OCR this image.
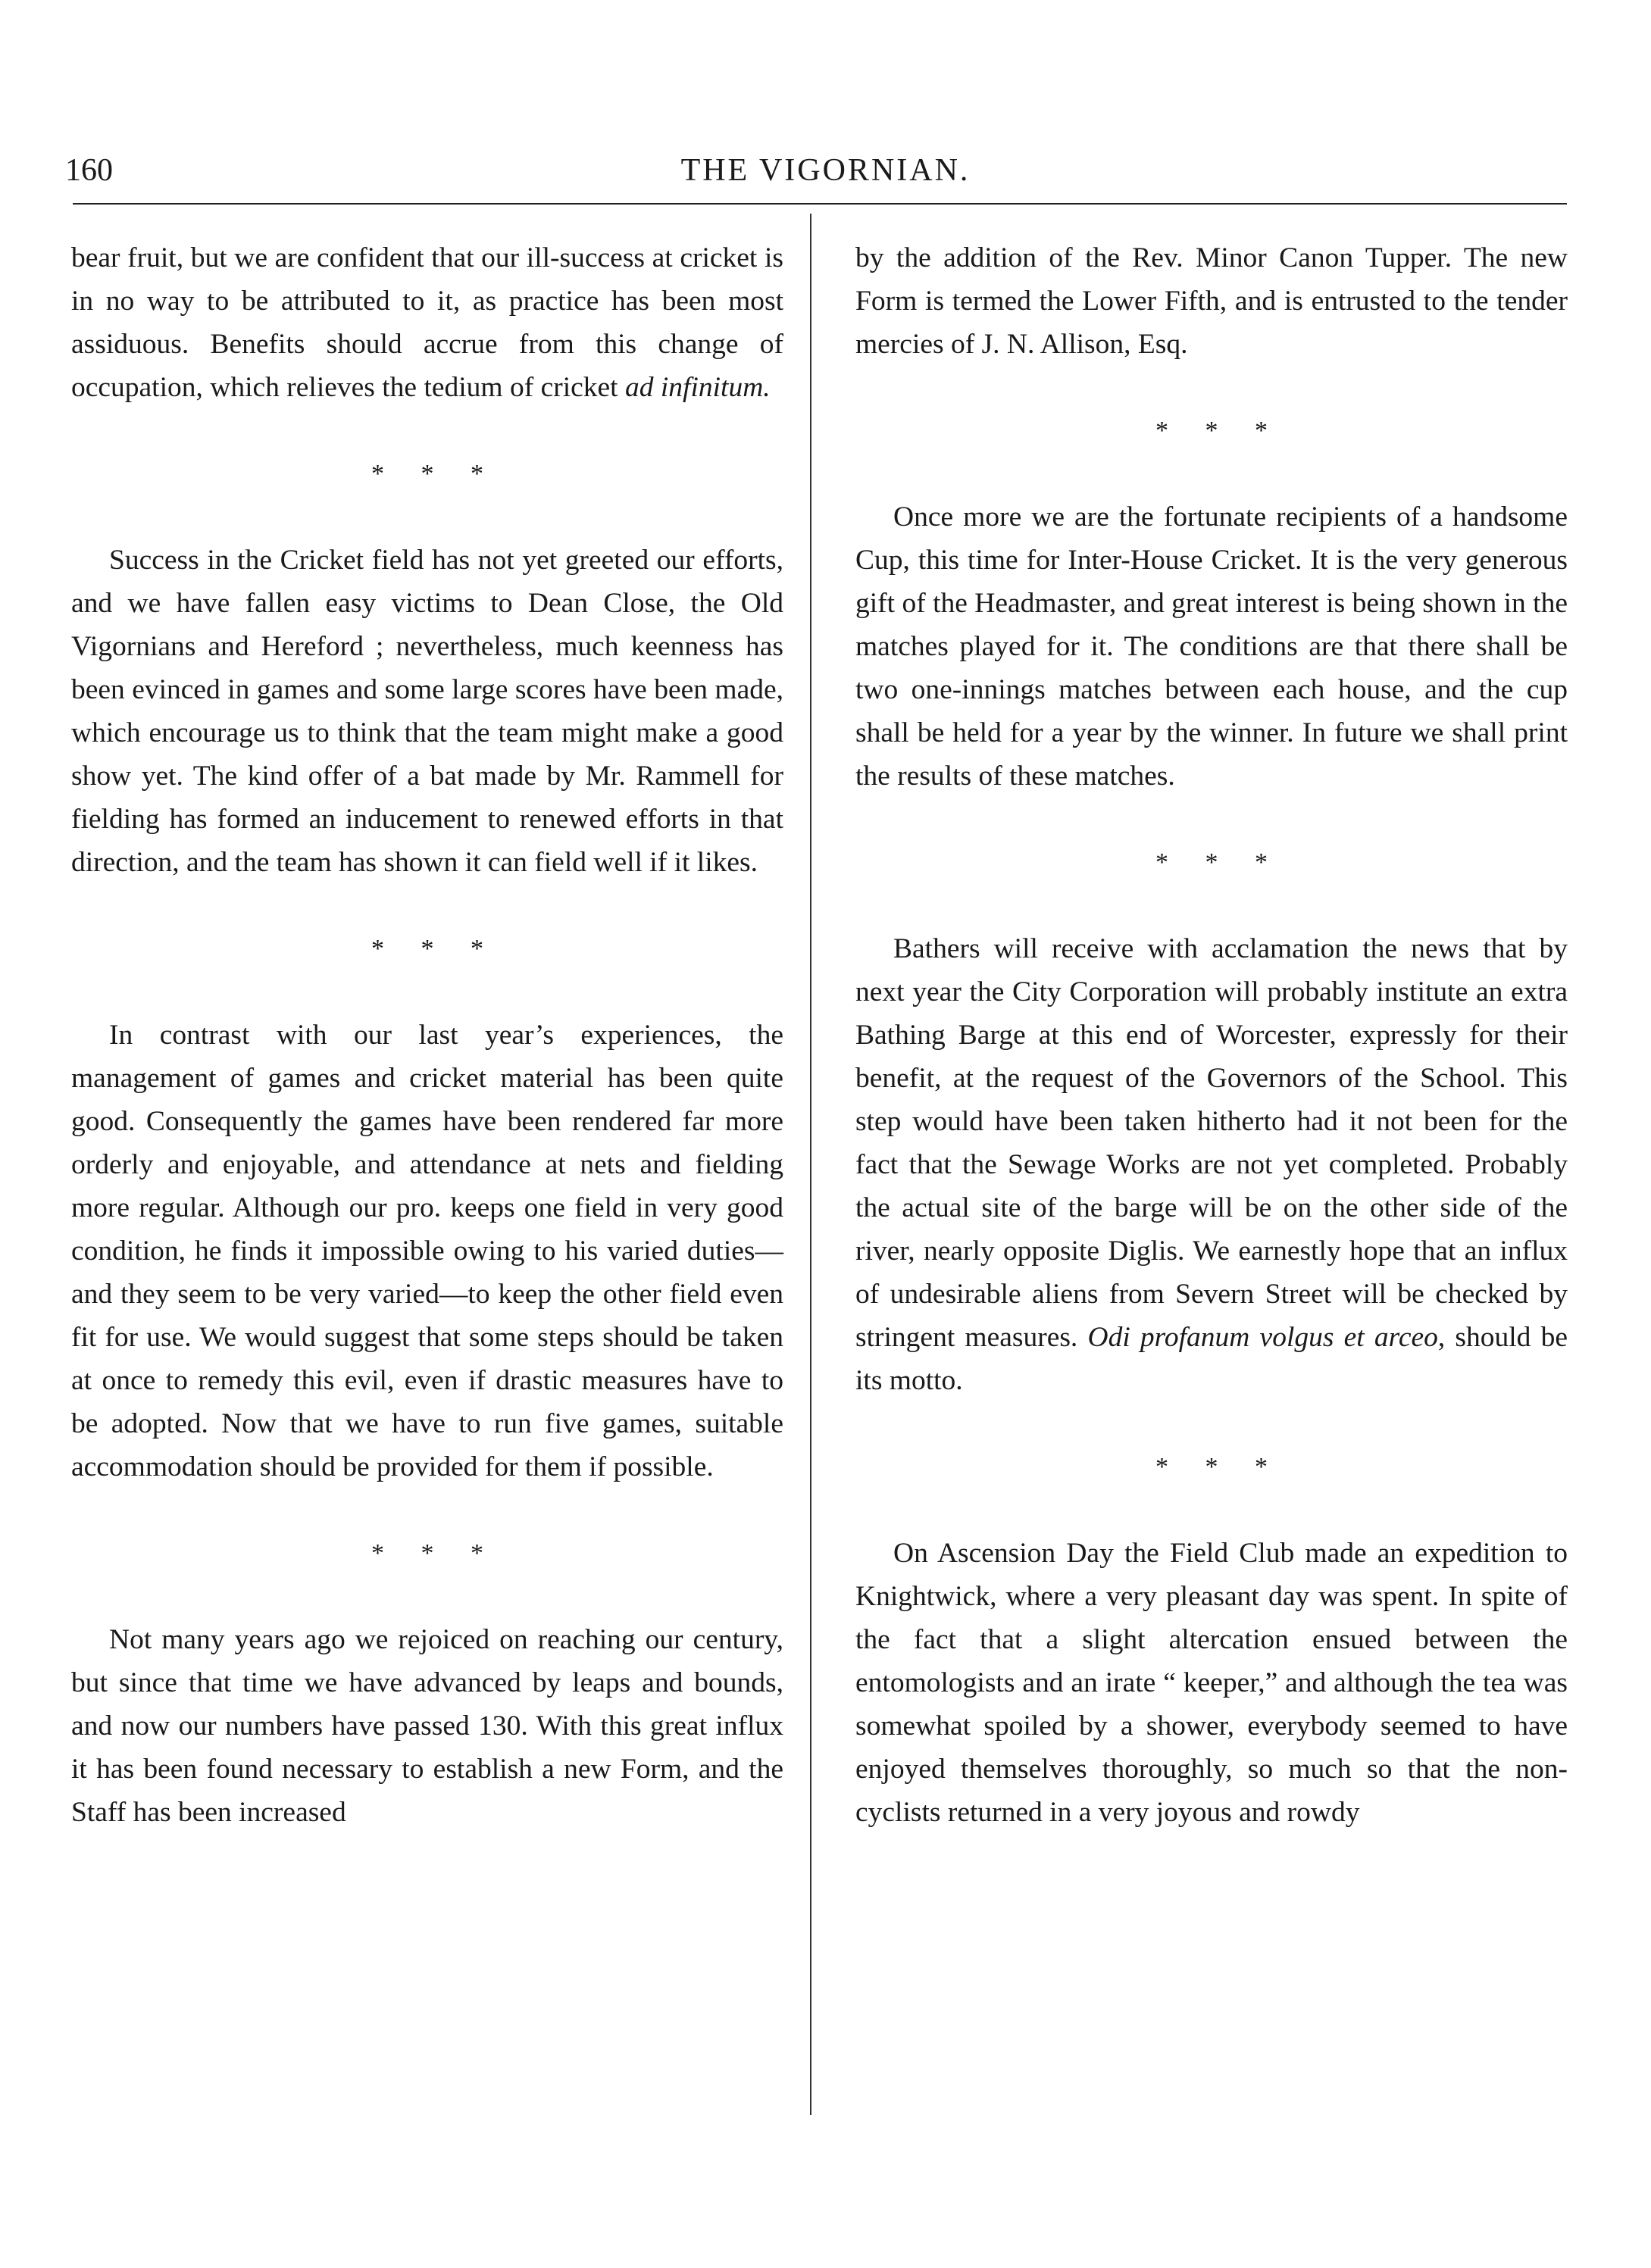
160	THE VIGORNIAN.

bear fruit, but we are confident that our ill-success at cricket is in no way to be attributed to it, as practice has been most assiduous. Benefits should accrue from this change of occupation, which relieves the tedium of cricket ad infinitum.

* * *

Success in the Cricket field has not yet greeted our efforts, and we have fallen easy victims to Dean Close, the Old Vigornians and Hereford ; nevertheless, much keenness has been evinced in games and some large scores have been made, which encourage us to think that the team might make a good show yet. The kind offer of a bat made by Mr. Rammell for fielding has formed an inducement to renewed efforts in that direction, and the team has shown it can field well if it likes.

* * *

In contrast with our last year’s experiences, the management of games and cricket material has been quite good. Consequently the games have been rendered far more orderly and enjoyable, and attendance at nets and fielding more regular. Although our pro. keeps one field in very good condition, he finds it impossible owing to his varied duties—and they seem to be very varied—to keep the other field even fit for use. We would suggest that some steps should be taken at once to remedy this evil, even if drastic measures have to be adopted. Now that we have to run five games, suitable accommodation should be provided for them if possible.

* * *

Not many years ago we rejoiced on reaching our century, but since that time we have advanced by leaps and bounds, and now our numbers have passed 130. With this great influx it has been found necessary to establish a new Form, and the Staff has been increased

by the addition of the Rev. Minor Canon Tupper. The new Form is termed the Lower Fifth, and is entrusted to the tender mercies of J. N. Allison, Esq.

* * *

Once more we are the fortunate recipients of a handsome Cup, this time for Inter-House Cricket. It is the very generous gift of the Headmaster, and great interest is being shown in the matches played for it. The conditions are that there shall be two one-innings matches between each house, and the cup shall be held for a year by the winner. In future we shall print the results of these matches.

* * *

Bathers will receive with acclamation the news that by next year the City Corporation will probably institute an extra Bathing Barge at this end of Worcester, expressly for their benefit, at the request of the Governors of the School. This step would have been taken hitherto had it not been for the fact that the Sewage Works are not yet completed. Probably the actual site of the barge will be on the other side of the river, nearly opposite Diglis. We earnestly hope that an influx of undesirable aliens from Severn Street will be checked by stringent measures. Odi profanum volgus et arceo, should be its motto.

* * *

On Ascension Day the Field Club made an expedition to Knightwick, where a very pleasant day was spent. In spite of the fact that a slight altercation ensued between the entomologists and an irate “ keeper,” and although the tea was somewhat spoiled by a shower, everybody seemed to have enjoyed themselves thoroughly, so much so that the non-cyclists returned in a very joyous and rowdy
